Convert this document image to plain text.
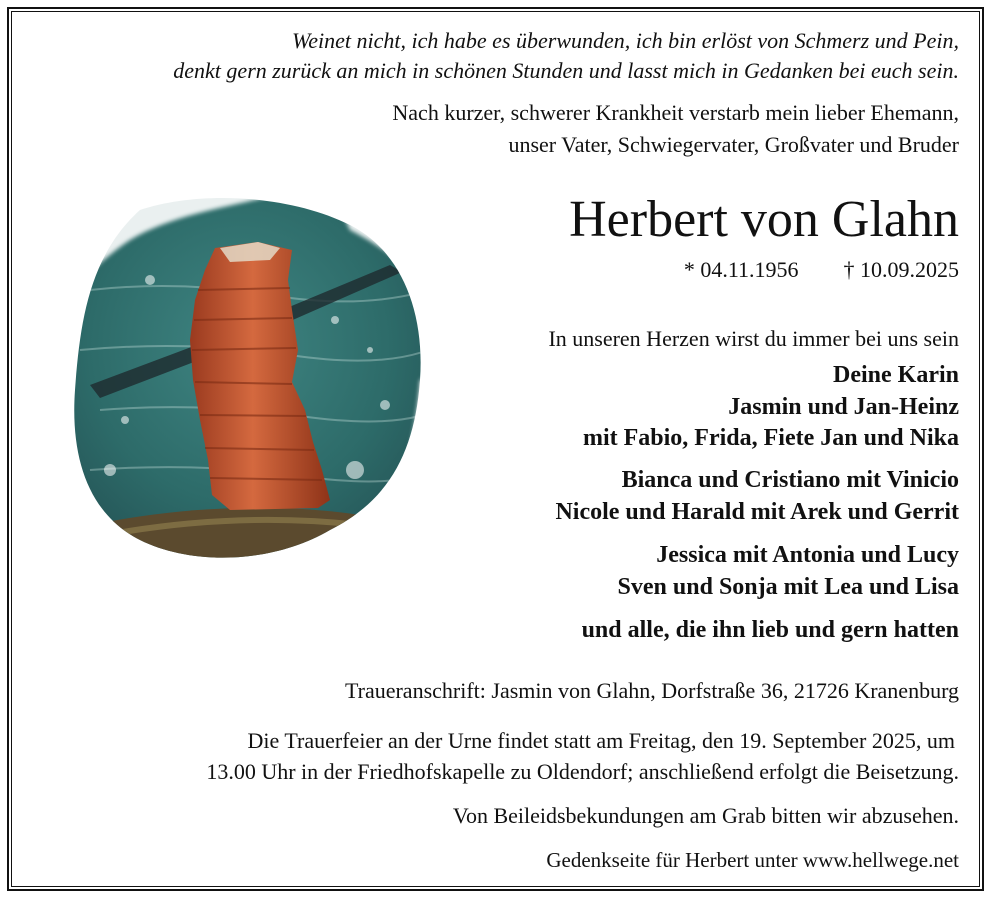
Weinet nicht, ich habe es überwunden, ich bin erlöst von Schmerz und Pein,
denkt gern zurück an mich in schönen Stunden und lasst mich in Gedanken bei euch sein.
Nach kurzer, schwerer Krankheit verstarb mein lieber Ehemann,
unser Vater, Schwiegervater, Großvater und Bruder
Herbert von Glahn
* 04.11.1956 † 10.09.2025
In unseren Herzen wirst du immer bei uns sein
Deine Karin
Jasmin und Jan-Heinz
mit Fabio, Frida, Fiete Jan und Nika
Bianca und Cristiano mit Vinicio
Nicole und Harald mit Arek und Gerrit
Jessica mit Antonia und Lucy
Sven und Sonja mit Lea und Lisa
und alle, die ihn lieb und gern hatten
Traueranschrift: Jasmin von Glahn, Dorfstraße 36, 21726 Kranenburg
Die Trauerfeier an der Urne findet statt am Freitag, den 19. September 2025, um
13.00 Uhr in der Friedhofskapelle zu Oldendorf; anschließend erfolgt die Beisetzung.
Von Beileidsbekundungen am Grab bitten wir abzusehen.
Gedenkseite für Herbert unter www.hellwege.net
